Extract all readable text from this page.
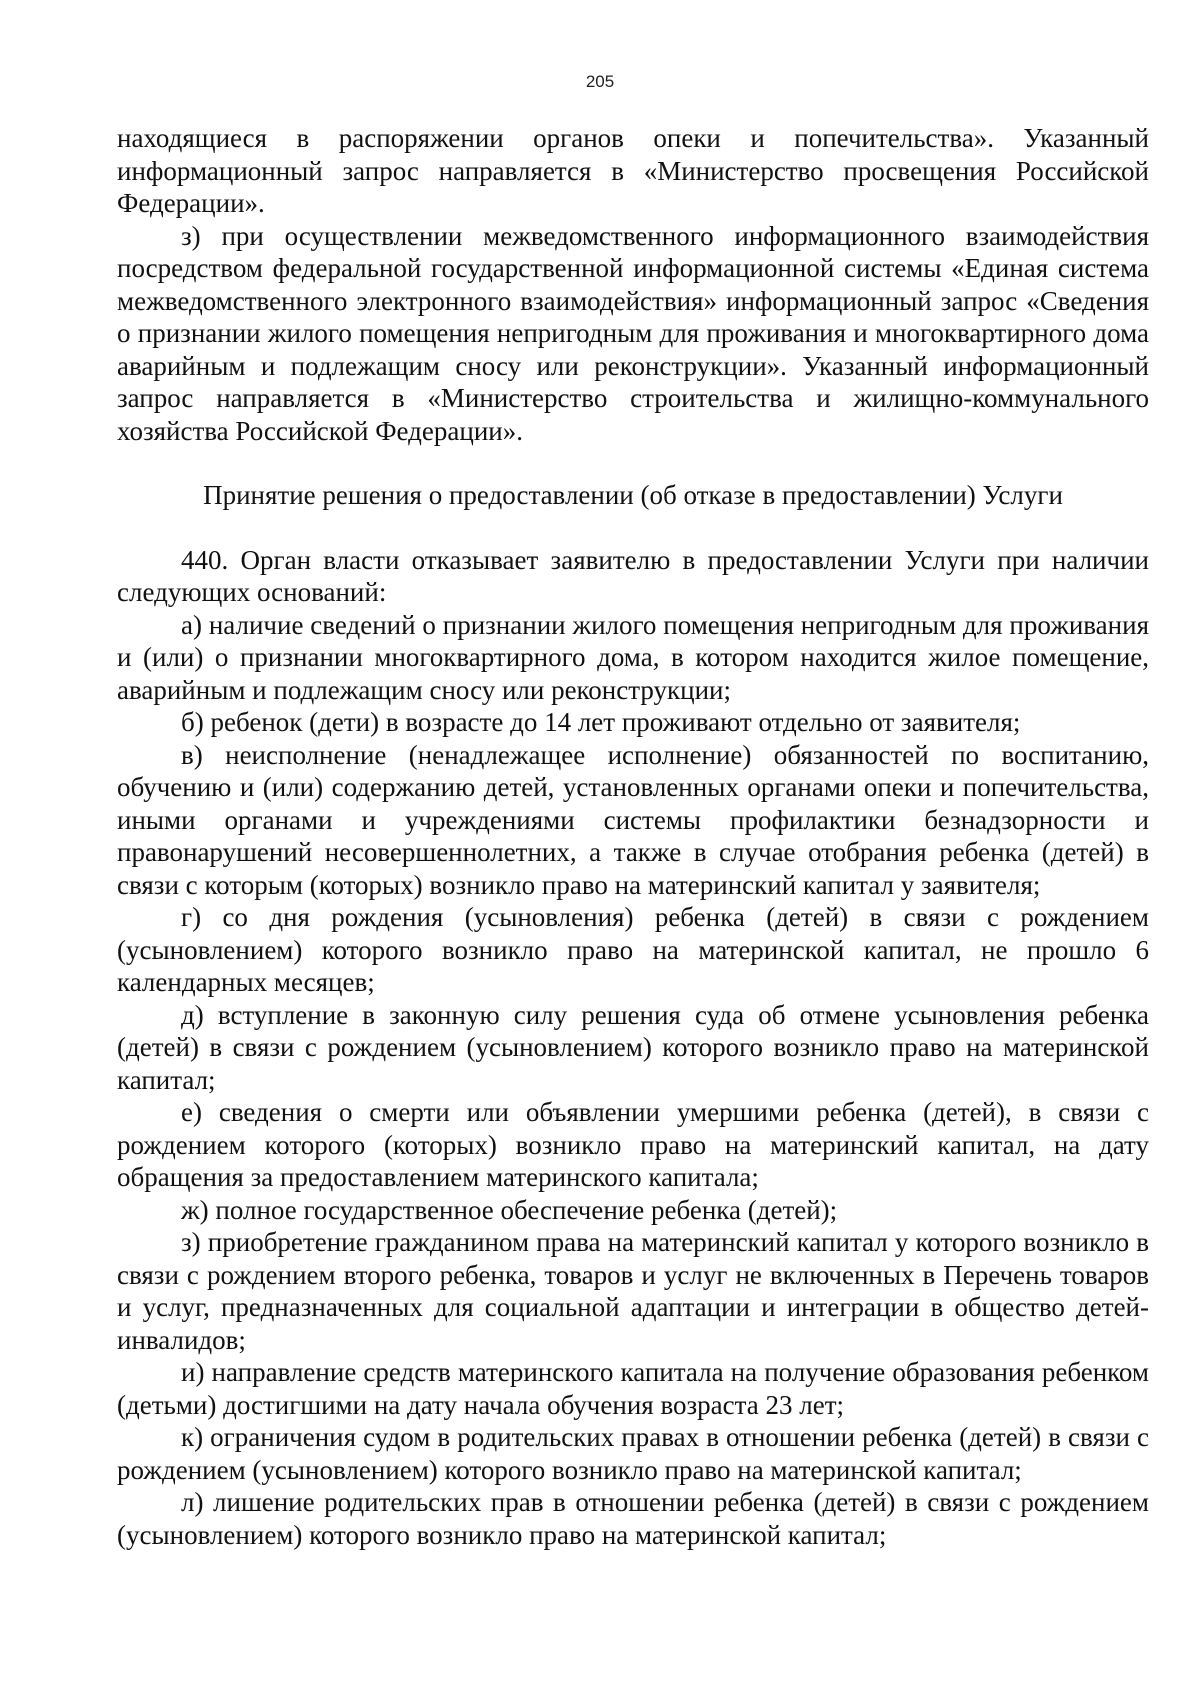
205

находящиеся в распоряжении органов опеки и попечительства». Указанный информационный запрос направляется в «Министерство просвещения Российской Федерации».

з) при осуществлении межведомственного информационного взаимодействия посредством федеральной государственной информационной системы «Единая система межведомственного электронного взаимодействия» информационный запрос «Сведения о признании жилого помещения непригодным для проживания и многоквартирного дома аварийным и подлежащим сносу или реконструкции». Указанный информационный запрос направляется в «Министерство строительства и жилищно-коммунального хозяйства Российской Федерации».

Принятие решения о предоставлении (об отказе в предоставлении) Услуги

440. Орган власти отказывает заявителю в предоставлении Услуги при наличии следующих оснований:

а) наличие сведений о признании жилого помещения непригодным для проживания и (или) о признании многоквартирного дома, в котором находится жилое помещение, аварийным и подлежащим сносу или реконструкции;

б) ребенок (дети) в возрасте до 14 лет проживают отдельно от заявителя;

в) неисполнение (ненадлежащее исполнение) обязанностей по воспитанию, обучению и (или) содержанию детей, установленных органами опеки и попечительства, иными органами и учреждениями системы профилактики безнадзорности и правонарушений несовершеннолетних, а также в случае отобрания ребенка (детей) в связи с которым (которых) возникло право на материнский капитал у заявителя;

г) со дня рождения (усыновления) ребенка (детей) в связи с рождением (усыновлением) которого возникло право на материнской капитал, не прошло 6 календарных месяцев;

д) вступление в законную силу решения суда об отмене усыновления ребенка (детей) в связи с рождением (усыновлением) которого возникло право на материнской капитал;

е) сведения о смерти или объявлении умершими ребенка (детей), в связи с рождением которого (которых) возникло право на материнский капитал, на дату обращения за предоставлением материнского капитала;

ж) полное государственное обеспечение ребенка (детей);

з) приобретение гражданином права на материнский капитал у которого возникло в связи с рождением второго ребенка, товаров и услуг не включенных в Перечень товаров и услуг, предназначенных для социальной адаптации и интеграции в общество детей-инвалидов;

и) направление средств материнского капитала на получение образования ребенком (детьми) достигшими на дату начала обучения возраста 23 лет;

к) ограничения судом в родительских правах в отношении ребенка (детей) в связи с рождением (усыновлением) которого возникло право на материнской капитал;

л) лишение родительских прав в отношении ребенка (детей) в связи с рождением (усыновлением) которого возникло право на материнской капитал;
